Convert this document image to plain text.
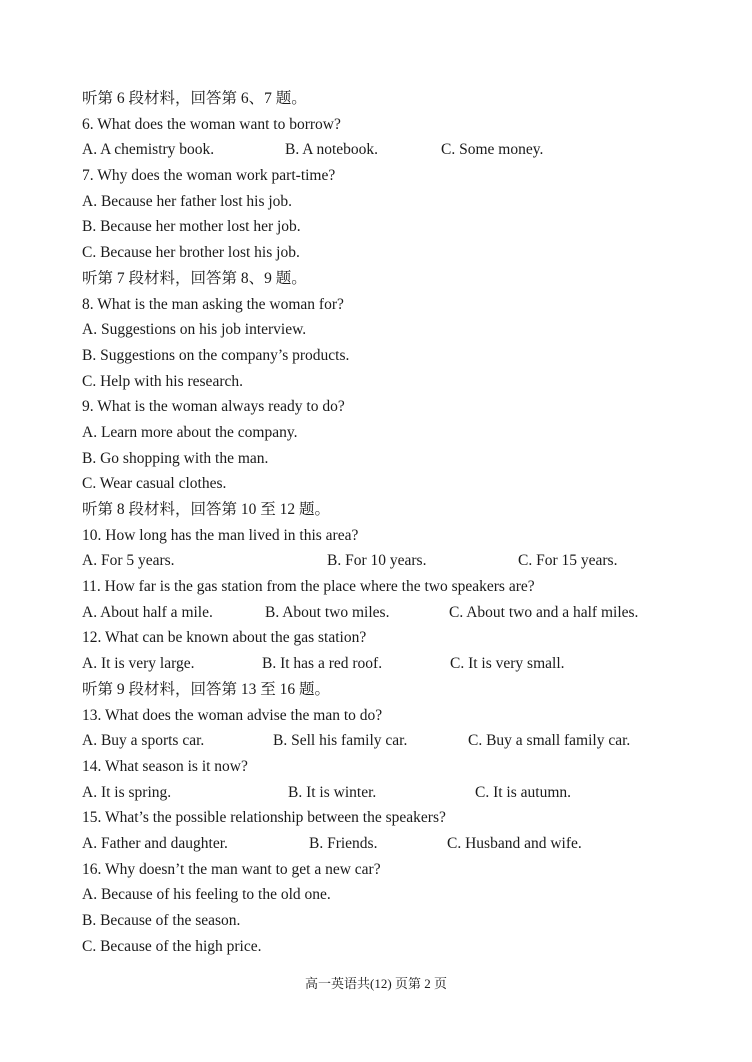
听第 6 段材料，回答第 6、7 题。
6. What does the woman want to borrow?
A. A chemistry book.	B. A notebook.	C. Some money.
7. Why does the woman work part-time?
A. Because her father lost his job.
B. Because her mother lost her job.
C. Because her brother lost his job.
听第 7 段材料，回答第 8、9 题。
8. What is the man asking the woman for?
A. Suggestions on his job interview.
B. Suggestions on the company’s products.
C. Help with his research.
9. What is the woman always ready to do?
A. Learn more about the company.
B. Go shopping with the man.
C. Wear casual clothes.
听第 8 段材料，回答第 10 至 12 题。
10. How long has the man lived in this area?
A. For 5 years.	B. For 10 years.	C. For 15 years.
11. How far is the gas station from the place where the two speakers are?
A. About half a mile.	B. About two miles.	C. About two and a half miles.
12. What can be known about the gas station?
A. It is very large.	B. It has a red roof.	C. It is very small.
听第 9 段材料，回答第 13 至 16 题。
13. What does the woman advise the man to do?
A. Buy a sports car.	B. Sell his family car.	C. Buy a small family car.
14. What season is it now?
A. It is spring.	B. It is winter.	C. It is autumn.
15. What’s the possible relationship between the speakers?
A. Father and daughter.	B. Friends.	C. Husband and wife.
16. Why doesn’t the man want to get a new car?
A. Because of his feeling to the old one.
B. Because of the season.
C. Because of the high price.
高一英语共(12) 页第 2 页
